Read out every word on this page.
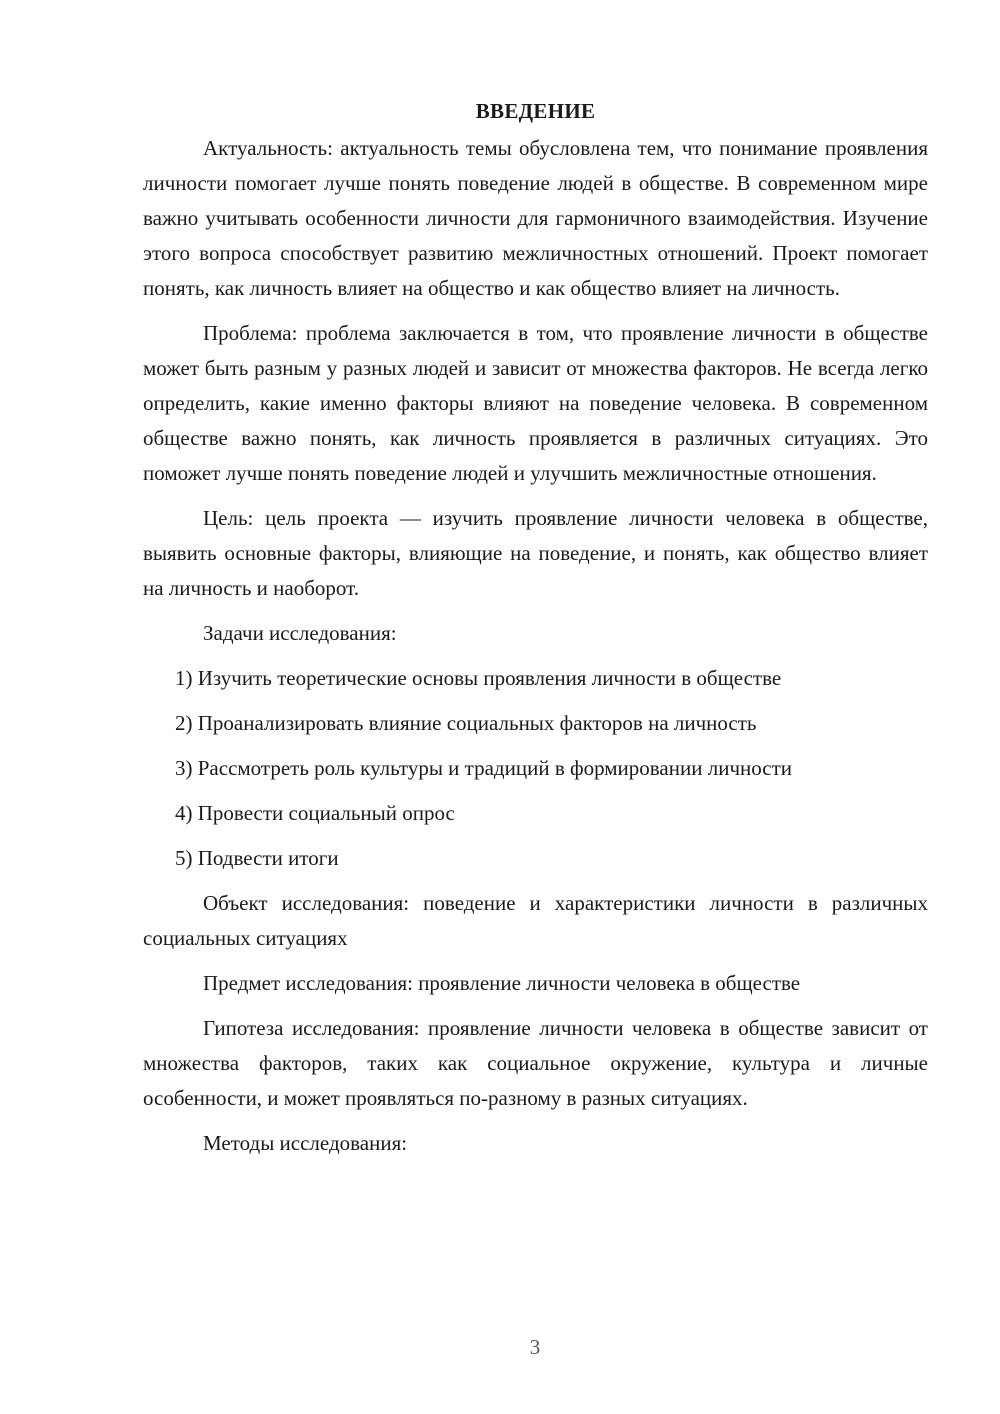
ВВЕДЕНИЕ

Актуальность: актуальность темы обусловлена тем, что понимание проявления личности помогает лучше понять поведение людей в обществе. В современном мире важно учитывать особенности личности для гармоничного взаимодействия. Изучение этого вопроса способствует развитию межличностных отношений. Проект помогает понять, как личность влияет на общество и как общество влияет на личность.

Проблема: проблема заключается в том, что проявление личности в обществе может быть разным у разных людей и зависит от множества факторов. Не всегда легко определить, какие именно факторы влияют на поведение человека. В современном обществе важно понять, как личность проявляется в различных ситуациях. Это поможет лучше понять поведение людей и улучшить межличностные отношения.

Цель: цель проекта — изучить проявление личности человека в обществе, выявить основные факторы, влияющие на поведение, и понять, как общество влияет на личность и наоборот.

Задачи исследования:

1) Изучить теоретические основы проявления личности в обществе
2) Проанализировать влияние социальных факторов на личность
3) Рассмотреть роль культуры и традиций в формировании личности
4) Провести социальный опрос
5) Подвести итоги

Объект исследования: поведение и характеристики личности в различных социальных ситуациях

Предмет исследования: проявление личности человека в обществе

Гипотеза исследования: проявление личности человека в обществе зависит от множества факторов, таких как социальное окружение, культура и личные особенности, и может проявляться по-разному в разных ситуациях.

Методы исследования:

3
